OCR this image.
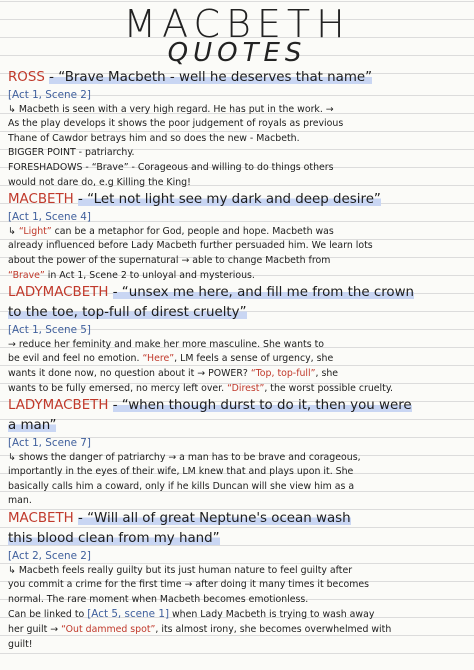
MACBETH
QUOTES
ROSS - “Brave Macbeth - well he deserves that name”
[Act 1, Scene 2]
↳ Macbeth is seen with a very high regard. He has put in the work. →
As the play develops it shows the poor judgement of royals as previous
Thane of Cawdor betrays him and so does the new - Macbeth.
BIGGER POINT - patriarchy.
FORESHADOWS - “Brave” - Corageous and willing to do things others
would not dare do, e.g Killing the King!
MACBETH - “Let not light see my dark and deep desire”
[Act 1, Scene 4]
↳ “Light” can be a metaphor for God, people and hope. Macbeth was
already influenced before Lady Macbeth further persuaded him. We learn lots
about the power of the supernatural → able to change Macbeth from
“Brave” in Act 1, Scene 2 to unloyal and mysterious.
LADYMACBETH - “unsex me here, and fill me from the crown
to the toe, top-full of direst cruelty”
[Act 1, Scene 5]
→ reduce her feminity and make her more masculine. She wants to
be evil and feel no emotion. “Here”, LM feels a sense of urgency, she
wants it done now, no question about it → POWER? “Top, top-full”, she
wants to be fully emersed, no mercy left over. “Direst”, the worst possible cruelty.
LADYMACBETH - “when though durst to do it, then you were
a man”
[Act 1, Scene 7]
↳ shows the danger of patriarchy → a man has to be brave and corageous,
importantly in the eyes of their wife, LM knew that and plays upon it. She
basically calls him a coward, only if he kills Duncan will she view him as a
man.
MACBETH - “Will all of great Neptune's ocean wash
this blood clean from my hand”
[Act 2, Scene 2]
↳ Macbeth feels really guilty but its just human nature to feel guilty after
you commit a crime for the first time → after doing it many times it becomes
normal. The rare moment when Macbeth becomes emotionless.
Can be linked to [Act 5, scene 1] when Lady Macbeth is trying to wash away
her guilt → “Out dammed spot”, its almost irony, she becomes overwhelmed with
guilt!
